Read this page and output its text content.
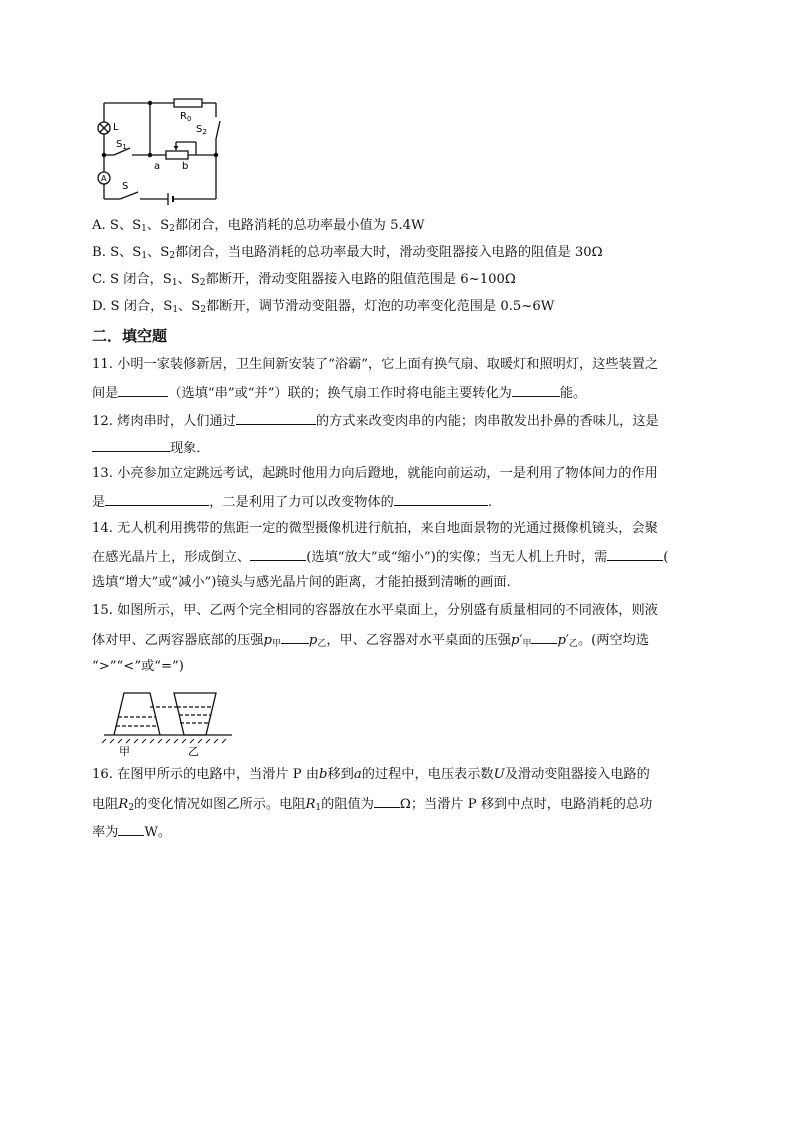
L
$R_0$
$S_2$
$S_1$
a b
A
S
A. S、$S_1$、$S_2$都闭合，电路消耗的总功率最小值为 5.4W
B. S、$S_1$、$S_2$都闭合，当电路消耗的总功率最大时，滑动变阻器接入电路的阻值是 30Ω
C. S 闭合，$S_1$、$S_2$都断开，滑动变阻器接入电路的阻值范围是 6~100Ω
D. S 闭合，$S_1$、$S_2$都断开，调节滑动变阻器，灯泡的功率变化范围是 0.5~6W
二．填空题
11. 小明一家装修新居，卫生间新安装了“浴霸”，它上面有换气扇、取暖灯和照明灯，这些装置之
间是	（选填“串”或“并”）联的；换气扇工作时将电能主要转化为	能。
12. 烤肉串时，人们通过	的方式来改变肉串的内能；肉串散发出扑鼻的香味儿，这是
现象．
13. 小亮参加立定跳远考试，起跳时他用力向后蹬地，就能向前运动，一是利用了物体间力的作用
是	，二是利用了力可以改变物体的	.
14. 无人机利用携带的焦距一定的微型摄像机进行航拍，来自地面景物的光通过摄像机镜头，会聚
在感光晶片上，形成倒立、	(选填“放大”或“缩小”)的实像；当无人机上升时，需	(
选填“增大”或“减小”)镜头与感光晶片间的距离，才能拍摄到清晰的画面.
15. 如图所示，甲、乙两个完全相同的容器放在水平桌面上，分别盛有质量相同的不同液体，则液
体对甲、乙两容器底部的压强$p_甲$ $p_乙$，甲、乙容器对水平桌面的压强$p'_甲$ $p'_乙$。(两空均选
“>”“<”或“=”)
甲	乙
16. 在图甲所示的电路中，当滑片 P 由b移到a的过程中，电压表示数U及滑动变阻器接入电路的
电阻$R_2$的变化情况如图乙所示。电阻$R_1$的阻值为 Ω；当滑片 P 移到中点时，电路消耗的总功
率为 W。
